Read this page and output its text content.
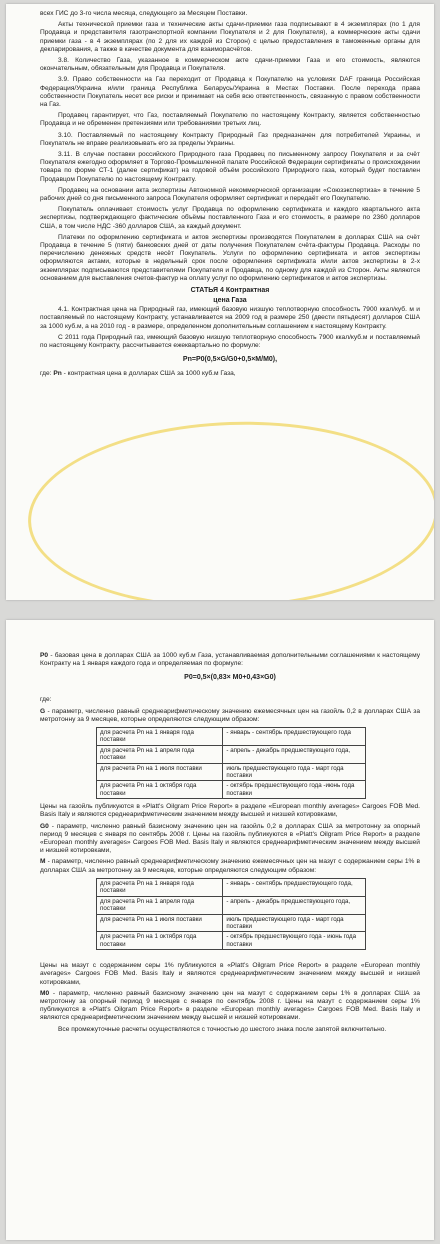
всех ГИС до 3-го числа месяца, следующего за Месяцем Поставки.

Акты технической приемки газа и технические акты сдачи-приемки газа подписывают в 4 экземплярах (по 1 для Продавца и представителя газотранспортной компании Покупателя и 2 для Покупателя), а коммерческие акты сдачи приемки газа - в 4 экземплярах (по 2 для их каждой из Сторон) с целью предоставления в таможенные органы для декларирования, а также в качестве документа для взаиморасчётов.

3.8. Количество Газа, указанное в коммерческом акте сдачи-приемки Газа и его стоимость, являются окончательным, обязательным для Продавца и Покупателя.

3.9. Право собственности на Газ переходит от Продавца к Покупателю на условиях DAF граница Российская Федерация/Украина и/или граница Республика Беларусь/Украина в Местах Поставки. После перехода права собственности Покупатель несет все риски и принимает на себя всю ответственность, связанную с правом собственности на Газ.

Продавец гарантирует, что Газ, поставляемый Покупателю по настоящему Контракту, является собственностью Продавца и не обременен претензиями или требованиями третьих лиц.

3.10. Поставляемый по настоящему Контракту Природный Газ предназначен для потребителей Украины, и Покупатель не вправе реализовывать его за пределы Украины.

3.11. В случае поставки российского Природного газа Продавец по письменному запросу Покупателя и за счёт Покупателя ежегодно оформляет в Торгово-Промышленной палате Российской Федерации сертификаты о происхождении товара по форме СТ-1 (далее сертификат) на годовой объём российского Природного газа, который будет поставлен Продавцом Покупателю по настоящему Контракту.

Продавец на основании акта экспертизы Автономной некоммерческой организации «Союзэкспертиза» в течение 5 рабочих дней со дня письменного запроса Покупателя оформляет сертификат и передаёт его Покупателю.

Покупатель оплачивает стоимость услуг Продавца по оформлению сертификата и каждого квартального акта экспертизы, подтверждающего фактические объёмы поставленного Газа и его стоимость, в размере по 2360 долларов США, в том числе НДС -360 долларов США, за каждый документ.

Платежи по оформлению сертификата и актов экспертизы производятся Покупателем в долларах США на счёт Продавца в течение 5 (пяти) банковских дней от даты получения Покупателем счёта-фактуры Продавца. Расходы по перечислению денежных средств несёт Покупатель. Услуги по оформлению сертификата и актов экспертизы оформляются актами, которые в недельный срок после оформления сертификата и/или актов экспертизы в 2-х экземплярах подписываются представителями Покупателя и Продавца, по одному для каждой из Сторон. Акты являются основанием для выставления счетов-фактур на оплату услуг по оформлению сертификатов и актов экспертизы.

СТАТЬЯ 4 Контрактная
цена Газа

4.1. Контрактная цена на Природный газ, имеющий базовую низшую теплотворную способность 7900 ккал/куб. м и поставляемый по настоящему Контракту, устанавливается на 2009 год в размере 250 (двести пятьдесят) долларов США за 1000 куб.м, а на 2010 год - в размере, определенном дополнительным соглашением к настоящему Контракту.

С 2011 года Природный газ, имеющий базовую низшую теплотворную способность 7900 ккал/куб.м и поставляемый по настоящему Контракту, рассчитывается ежеквартально по формуле:

Pn=P0(0,5×G/G0+0,5×M/M0),

где: Pn - контрактная цена в долларах США за 1000 куб.м Газа,

P0 - базовая цена в долларах США за 1000 куб.м Газа, устанавливаемая дополнительными соглашениями к настоящему Контракту на 1 января каждого года и определяемая по формуле:

P0=0,5×(0,83× M0+0,43×G0)

где:

G - параметр, численно равный среднеарифметическому значению ежемесячных цен на газойль 0,2 в долларах США за метротонну за 9 месяцев, которые определяются следующим образом:

для расчета Pn на 1 января года поставки	- январь - сентябрь предшествующего года
для расчета Pn на 1 апреля года поставки	- апрель - декабрь предшествующего года,
для расчета Pn на 1 июля поставки	июль предшествующего года - март года поставки
для расчета Pn на 1 октября года поставки	- октябрь предшествующего года -июнь года поставки

Цены на газойль публикуются в «Platt's Oilgram Price Report» в разделе «European monthly averages» Cargoes FOB Med. Basis Italy и являются среднеарифметическим значением между высшей и низшей котировками,

G0 - параметр, численно равный базисному значению цен на газойль 0,2 в долларах США за метротонну за опорный период 9 месяцев с января по сентябрь 2008 г. Цены на газойль публикуются в «Platt's Oilgram Price Report» в разделе «European monthly averages» Cargoes FOB Med. Basis Italy и являются среднеарифметическим значением между высшей и низшей котировками,

M - параметр, численно равный среднеарифметическому значению ежемесячных цен на мазут с содержанием серы 1% в долларах США за метротонну за 9 месяцев, которые определяются следующим образом:

для расчета Pn на 1 января года поставки	- январь - сентябрь предшествующего года,
для расчета Pn на 1 апреля года поставки	- апрель - декабрь предшествующего года,
для расчета Pn на 1 июля поставки	июль предшествующего года - март года поставки
для расчета Pn на 1 октября года поставки	- октябрь предшествующего года - июнь года поставки

Цены на мазут с содержанием серы 1% публикуются в «Platt's Oilgram Price Report» в разделе «European monthly averages» Cargoes FOB Med. Basis Italy и являются среднеарифметическим значением между высшей и низшей котировками,

M0 - параметр, численно равный базисному значению цен на мазут с содержанием серы 1% в долларах США за метротонну за опорный период 9 месяцев с января по сентябрь 2008 г. Цены на мазут с содержанием серы 1% публикуются в «Platt's Oilgram Price Report» в разделе «European monthly averages» Cargoes FOB Med. Basis Italy и являются среднеарифметическим значением между высшей и низшей котировками.

Все промежуточные расчеты осуществляются с точностью до шестого знака после запятой включительно.
